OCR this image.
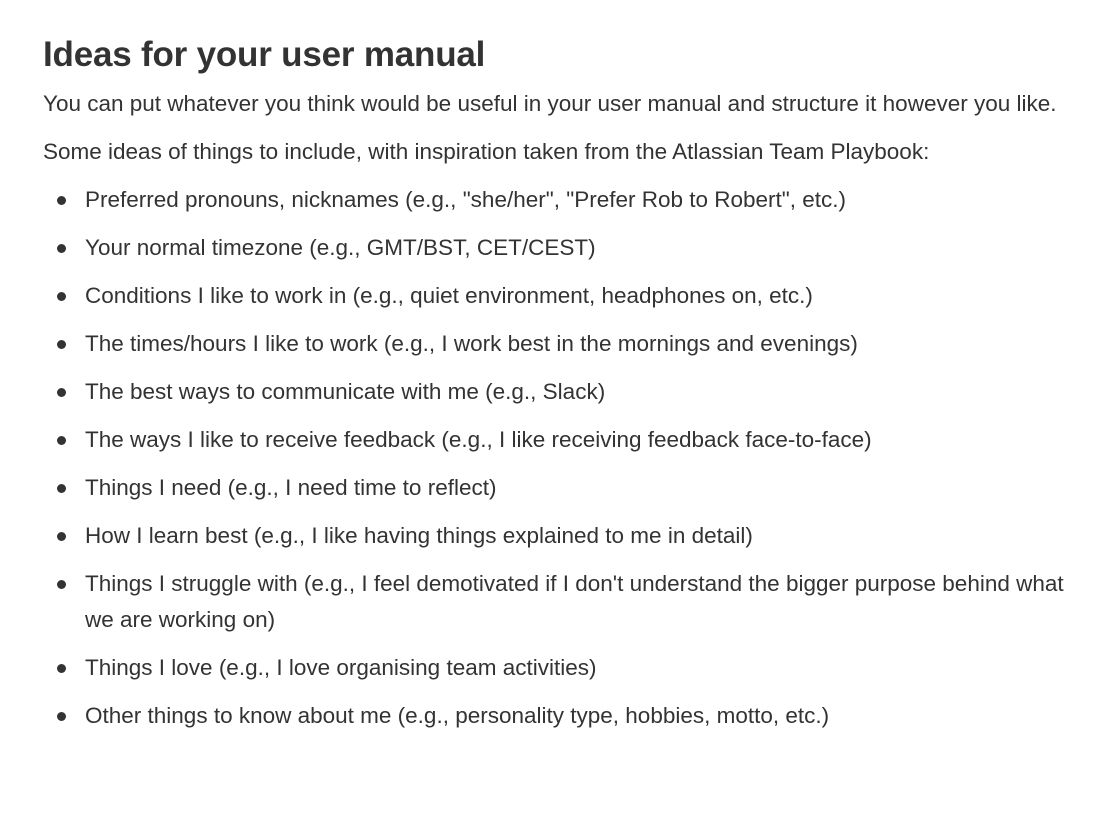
Ideas for your user manual

You can put whatever you think would be useful in your user manual and structure it however you like.

Some ideas of things to include, with inspiration taken from the Atlassian Team Playbook:

Preferred pronouns, nicknames (e.g., "she/her", "Prefer Rob to Robert", etc.)
Your normal timezone (e.g., GMT/BST, CET/CEST)
Conditions I like to work in (e.g., quiet environment, headphones on, etc.)
The times/hours I like to work (e.g., I work best in the mornings and evenings)
The best ways to communicate with me (e.g., Slack)
The ways I like to receive feedback (e.g., I like receiving feedback face-to-face)
Things I need (e.g., I need time to reflect)
How I learn best (e.g., I like having things explained to me in detail)
Things I struggle with (e.g., I feel demotivated if I don't understand the bigger purpose behind what we are working on)
Things I love (e.g., I love organising team activities)
Other things to know about me (e.g., personality type, hobbies, motto, etc.)
